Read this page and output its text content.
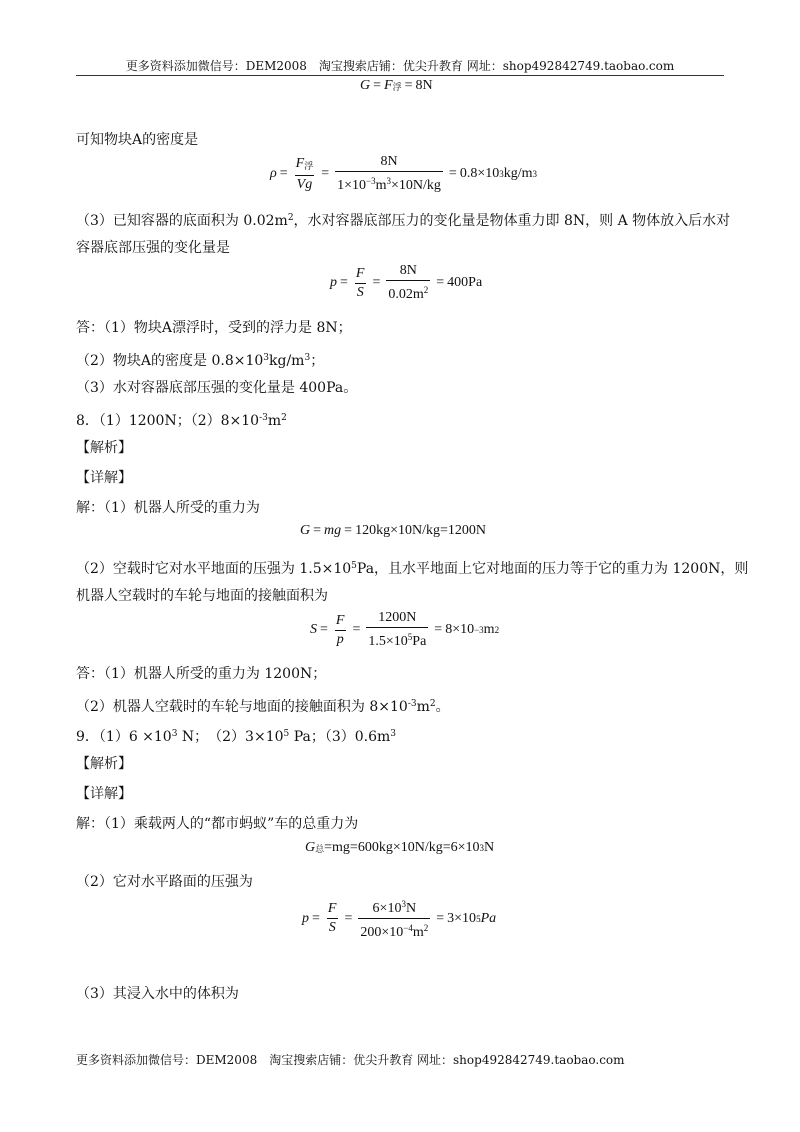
更多资料添加微信号：DEM2008　淘宝搜索店铺：优尖升教育 网址：shop492842749.taobao.com
G = F 浮 = 8N
可知物块A的密度是
$\rho = \frac{F_浮}{Vg} = \frac{8N}{1\times 10^{-3}m^3\times 10N/kg} = 0.8\times 10$ 3 kg/m 3
（3）已知容器的底面积为 $0.02m^2$，水对容器底部压力的变化量是物体重力即 8N，则 A 物体放入后水对
容器底部压强的变化量是
$p = \frac{F}{S} = \frac{8N}{0.02m^2} = 400Pa$
答：（1）物块A漂浮时，受到的浮力是 8N；
（2）物块A的密度是 $0.8\times 10^3kg/m^3$；
（3）水对容器底部压强的变化量是 400Pa。
8．（1）1200N；$(2)8\times 10^{-3}m^2$
【解析】
【详解】
解：（1）机器人所受的重力为
G = mg = 120kg×10N/kg=1200N
（2）空载时它对水平地面的压强为 $1.5\times 10^5Pa$，且水平地面上它对地面的压力等于它的重力为 1200N，则
机器人空载时的车轮与地面的接触面积为
$S = \frac{F}{p} = \frac{1200N}{1.5\times 10^5Pa} = 8\times 10 -3$ m 2
答：（1）机器人所受的重力为 1200N；
（2）机器人空载时的车轮与地面的接触面积为 $8\times 10^{-3}m^2$。
9．$(1)6 \times 10^3$ N；　$(2)3\times 10^5$ Pa；$(3)0.6m^3$
【解析】
【详解】
解：（1）乘载两人的“都市蚂蚁”车的总重力为
G 总 =mg=600kg×10N/kg=6×10 3 N
（2）它对水平路面的压强为
$p = \frac{F}{S} = \frac{6\times 10^3N}{200\times 10^{-4}m^2} = 3\times 10$ 5 Pa
（3）其浸入水中的体积为
更多资料添加微信号：DEM2008　淘宝搜索店铺：优尖升教育 网址：shop492842749.taobao.com
